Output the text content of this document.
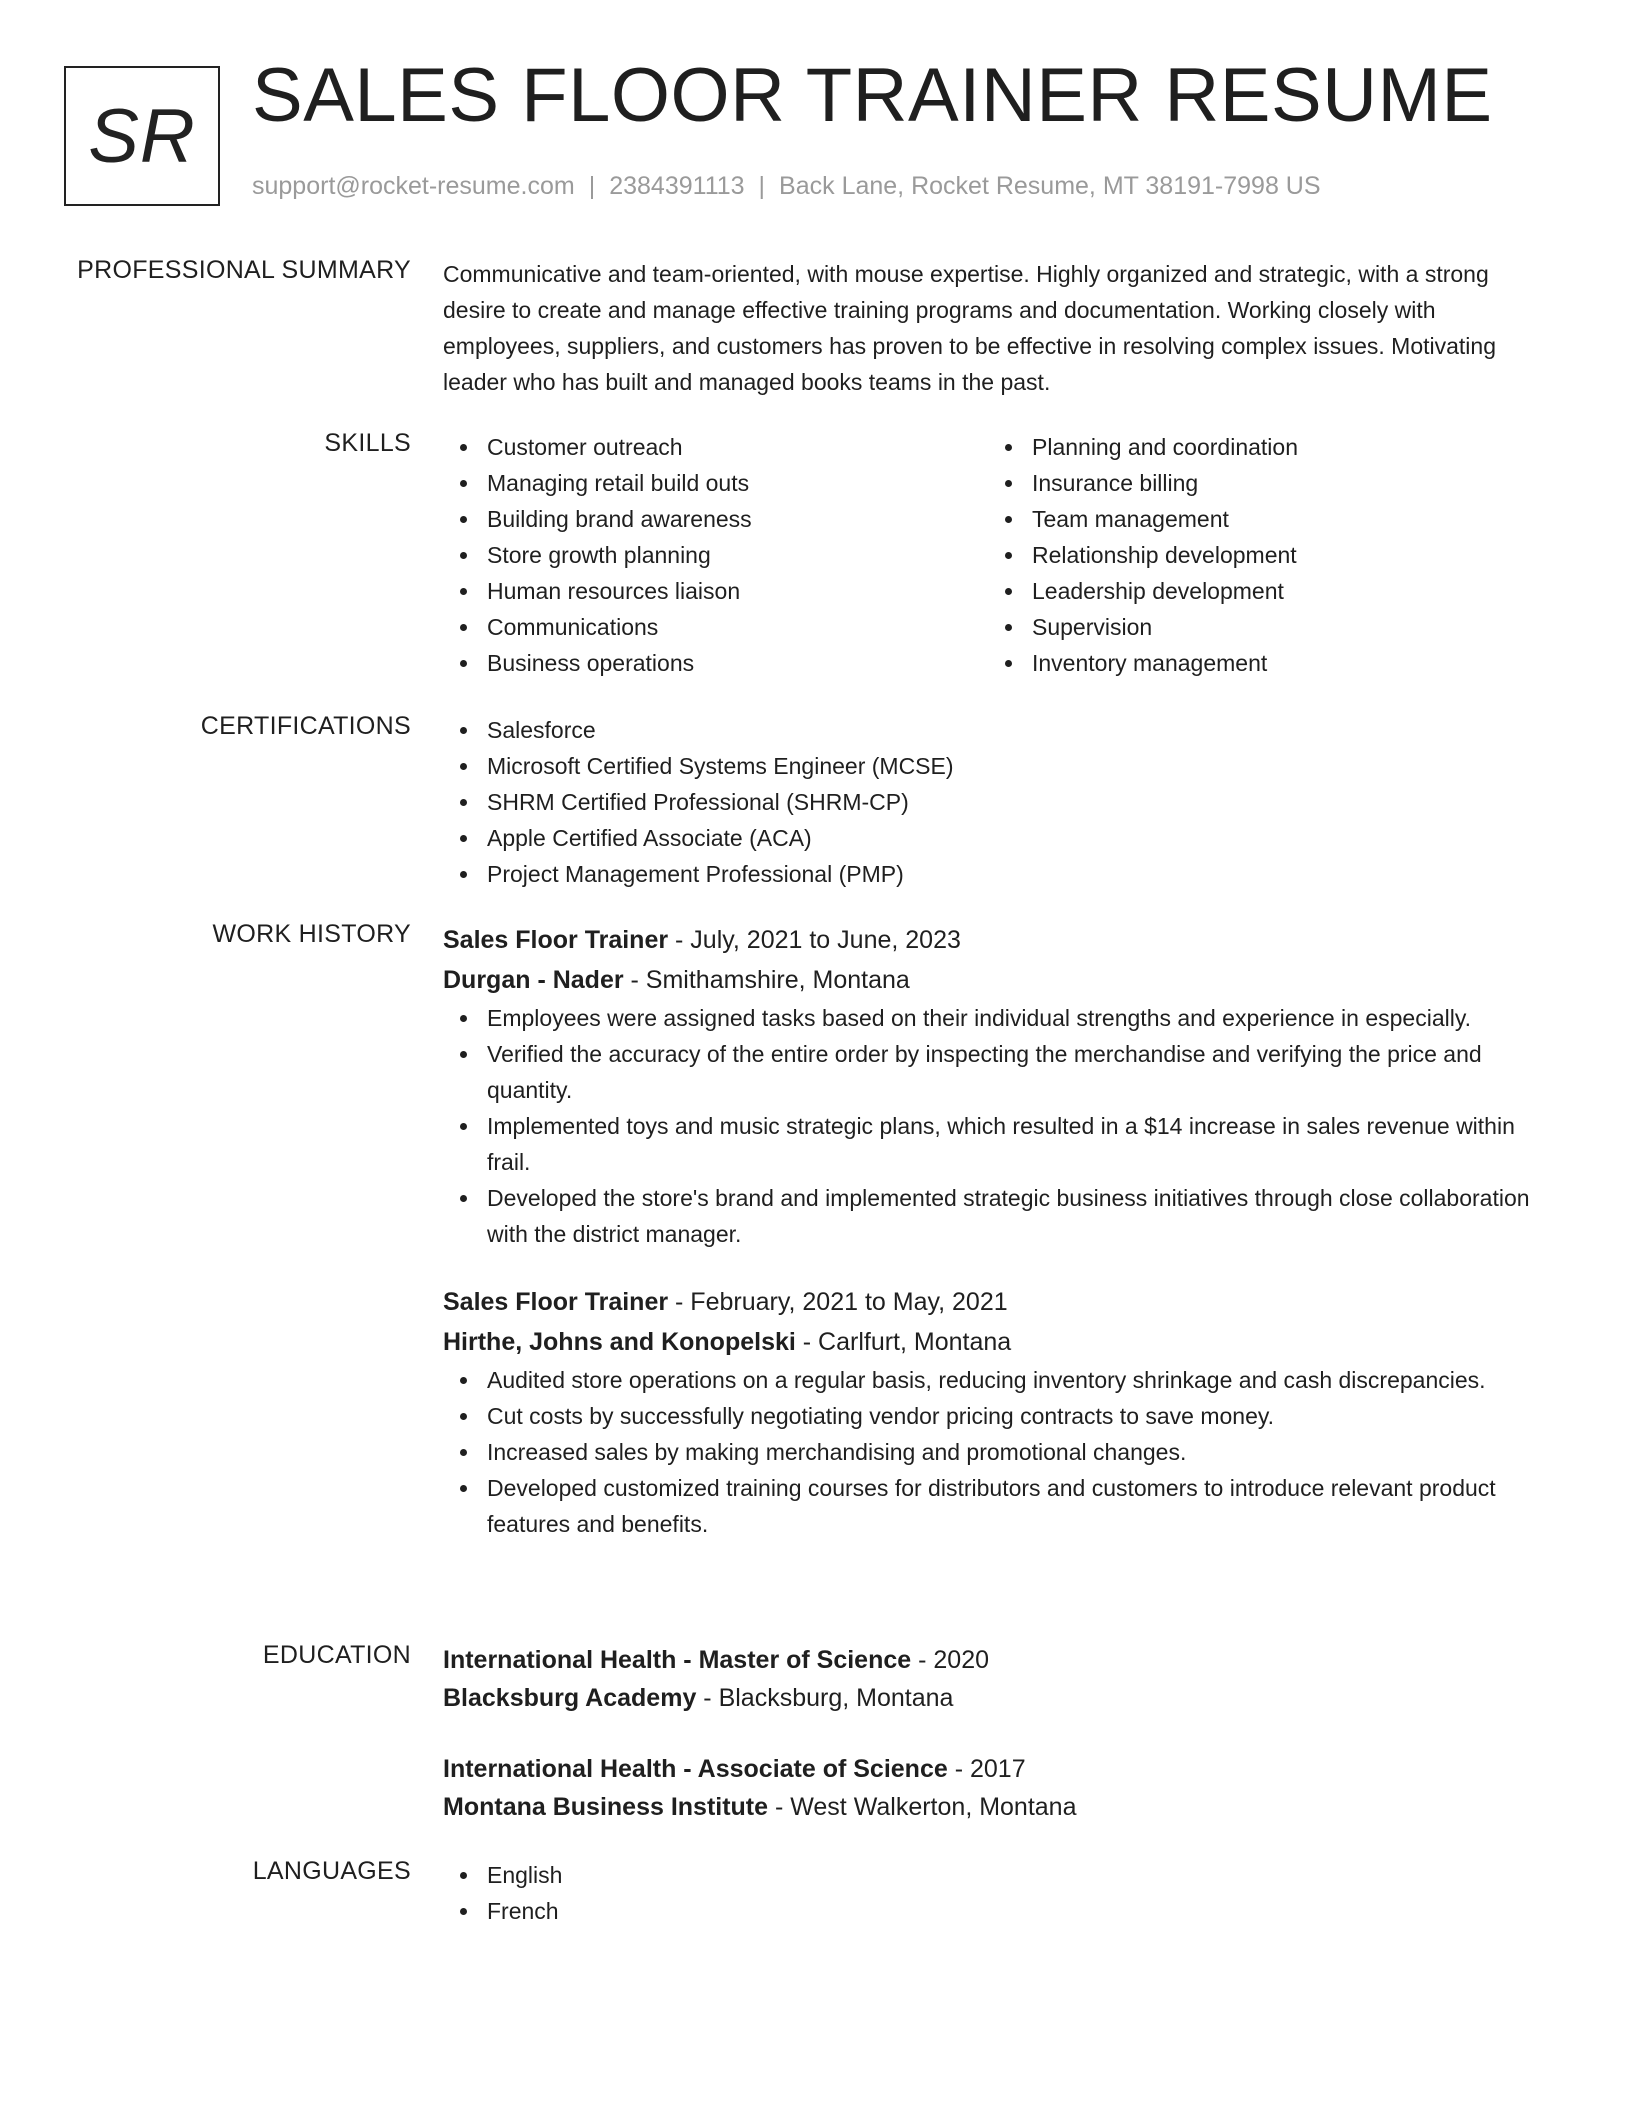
SR SALES FLOOR TRAINER RESUME
support@rocket-resume.com | 2384391113 | Back Lane, Rocket Resume, MT 38191-7998 US
PROFESSIONAL SUMMARY Communicative and team-oriented, with mouse expertise. Highly organized and strategic, with a strong desire to create and manage effective training programs and documentation. Working closely with employees, suppliers, and customers has proven to be effective in resolving complex issues. Motivating leader who has built and managed books teams in the past.
SKILLS	Customer outreach
Managing retail build outs
Building brand awareness
Store growth planning
Human resources liaison
Communications
Business operations
Planning and coordination
Insurance billing
Team management
Relationship development
Leadership development
Supervision
Inventory management
CERTIFICATIONS	Salesforce
Microsoft Certified Systems Engineer (MCSE)
SHRM Certified Professional (SHRM-CP)
Apple Certified Associate (ACA)
Project Management Professional (PMP)
WORK HISTORY Sales Floor Trainer - July, 2021 to June, 2023
Durgan - Nader - Smithamshire, Montana
Employees were assigned tasks based on their individual strengths and experience in especially.
Verified the accuracy of the entire order by inspecting the merchandise and verifying the price and quantity.
Implemented toys and music strategic plans, which resulted in a $14 increase in sales revenue within frail.
Developed the store's brand and implemented strategic business initiatives through close collaboration with the district manager.
Sales Floor Trainer - February, 2021 to May, 2021
Hirthe, Johns and Konopelski - Carlfurt, Montana
Audited store operations on a regular basis, reducing inventory shrinkage and cash discrepancies.
Cut costs by successfully negotiating vendor pricing contracts to save money.
Increased sales by making merchandising and promotional changes.
Developed customized training courses for distributors and customers to introduce relevant product features and benefits.
EDUCATION International Health - Master of Science - 2020
Blacksburg Academy - Blacksburg, Montana
International Health - Associate of Science - 2017
Montana Business Institute - West Walkerton, Montana
LANGUAGES	English
French
